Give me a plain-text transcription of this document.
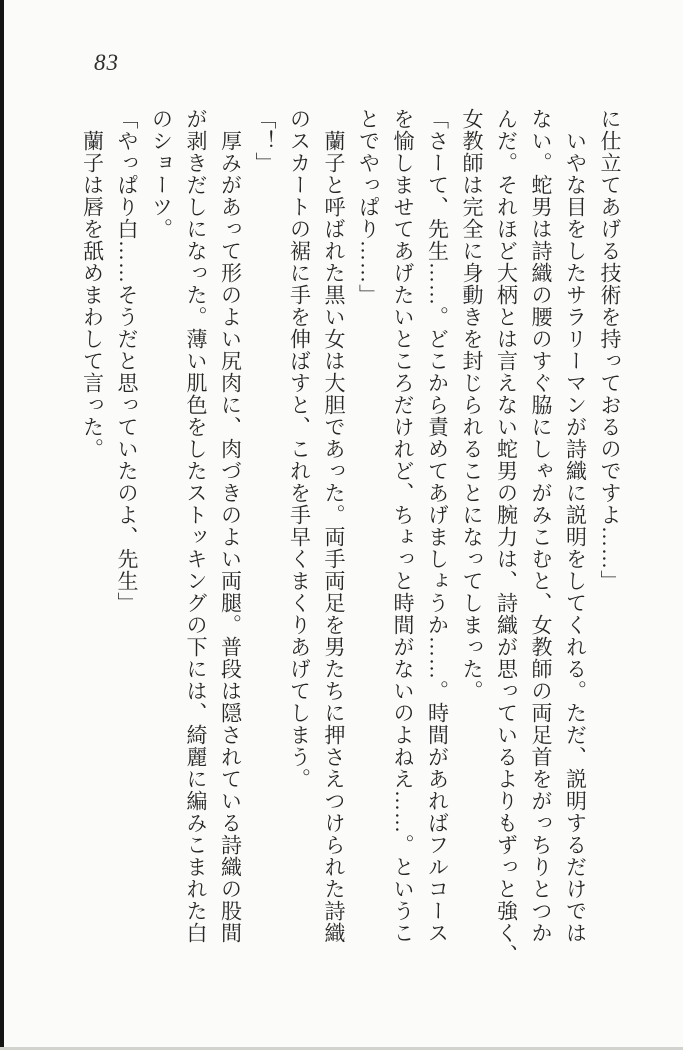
83

に仕立てあげる技術を持っておるのですよ……」

　いやな目をしたサラリーマンが詩織に説明をしてくれる。ただ、説明するだけでは

ない。蛇男は詩織の腰のすぐ脇にしゃがみこむと、女教師の両足首をがっちりとつか

んだ。それほど大柄とは言えない蛇男の腕力は、詩織が思っているよりもずっと強く、

女教師は完全に身動きを封じられることになってしまった。

「さーて、先生……。どこから責めてあげましょうか……。時間があればフルコース

を愉しませてあげたいところだけれど、ちょっと時間がないのよねえ……。というこ

とでやっぱり……」

　蘭子と呼ばれた黒い女は大胆であった。両手両足を男たちに押さえつけられた詩織

のスカートの裾に手を伸ばすと、これを手早くまくりあげてしまう。

「！」

　厚みがあって形のよい尻肉に、肉づきのよい両腿。普段は隠されている詩織の股間

が剥きだしになった。薄い肌色をしたストッキングの下には、綺麗に編みこまれた白

のショーツ。

「やっぱり白……そうだと思っていたのよ、先生」

　蘭子は唇を舐めまわして言った。
